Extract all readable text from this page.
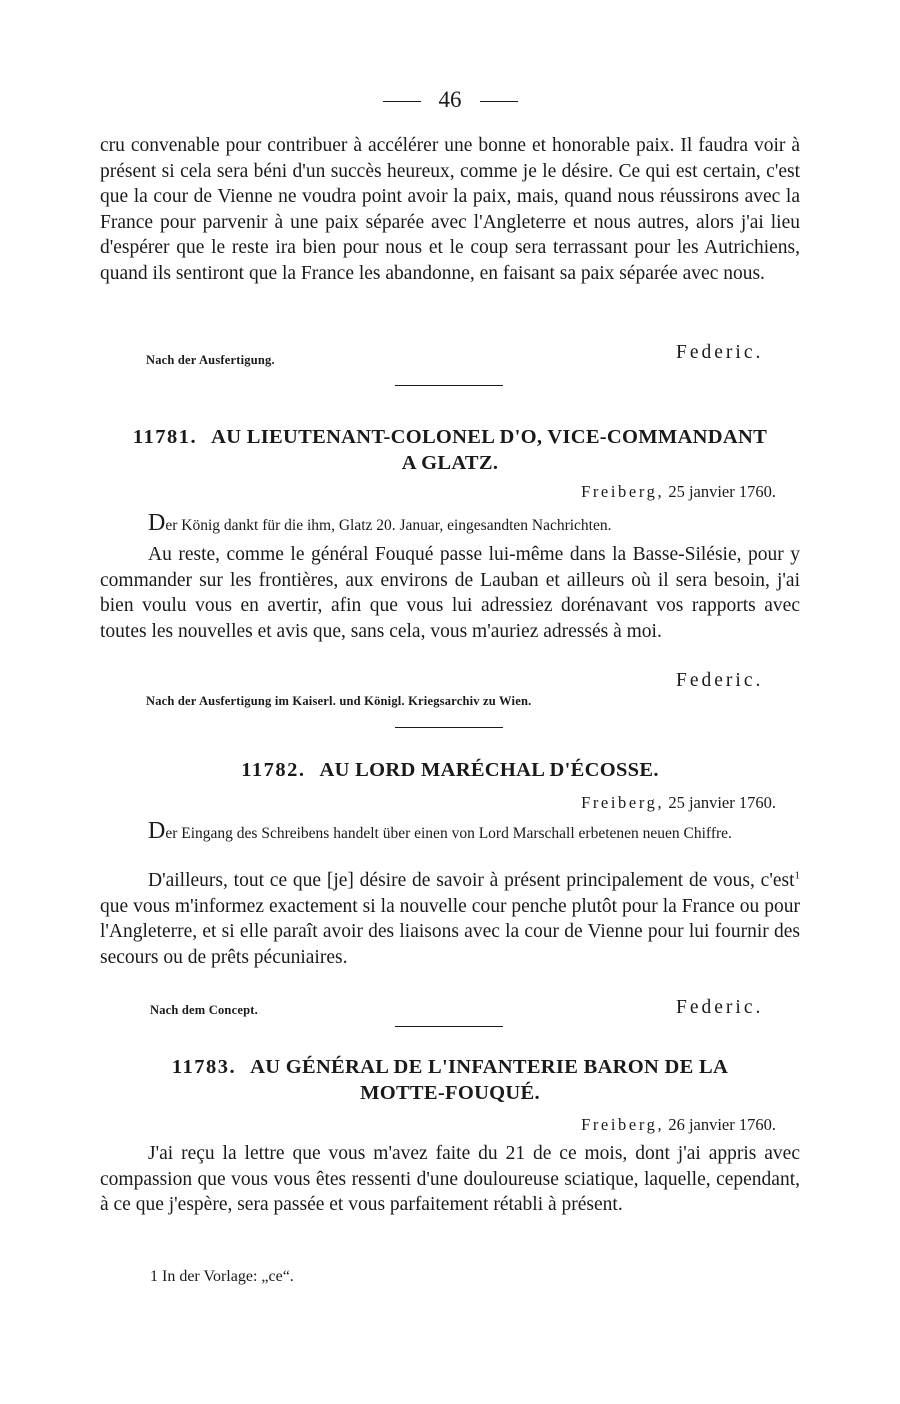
46

cru convenable pour contribuer à accélérer une bonne et honorable paix. Il faudra voir à présent si cela sera béni d'un succès heureux, comme je le désire. Ce qui est certain, c'est que la cour de Vienne ne voudra point avoir la paix, mais, quand nous réussirons avec la France pour parvenir à une paix séparée avec l'Angleterre et nous autres, alors j'ai lieu d'espérer que le reste ira bien pour nous et le coup sera terrassant pour les Autrichiens, quand ils sentiront que la France les abandonne, en faisant sa paix séparée avec nous.

Nach der Ausfertigung.	Federic.

11781. AU LIEUTENANT-COLONEL D'O, VICE-COMMANDANT
A GLATZ.

Freiberg, 25 janvier 1760.

Der König dankt für die ihm, Glatz 20. Januar, eingesandten Nachrichten.

Au reste, comme le général Fouqué passe lui-même dans la Basse-Silésie, pour y commander sur les frontières, aux environs de Lauban et ailleurs où il sera besoin, j'ai bien voulu vous en avertir, afin que vous lui adressiez dorénavant vos rapports avec toutes les nouvelles et avis que, sans cela, vous m'auriez adressés à moi.

Federic.

Nach der Ausfertigung im Kaiserl. und Königl. Kriegsarchiv zu Wien.

11782. AU LORD MARÉCHAL D'ÉCOSSE.

Freiberg, 25 janvier 1760.

Der Eingang des Schreibens handelt über einen von Lord Marschall erbetenen neuen Chiffre.

D'ailleurs, tout ce que [je] désire de savoir à présent principalement de vous, c'est$^1$ que vous m'informez exactement si la nouvelle cour penche plutôt pour la France ou pour l'Angleterre, et si elle paraît avoir des liaisons avec la cour de Vienne pour lui fournir des secours ou de prêts pécuniaires.

Nach dem Concept.	Federic.

11783. AU GÉNÉRAL DE L'INFANTERIE BARON DE LA
MOTTE-FOUQUÉ.

Freiberg, 26 janvier 1760.

J'ai reçu la lettre que vous m'avez faite du 21 de ce mois, dont j'ai appris avec compassion que vous vous êtes ressenti d'une douloureuse sciatique, laquelle, cependant, à ce que j'espère, sera passée et vous parfaitement rétabli à présent.

1 In der Vorlage: „ce“.
